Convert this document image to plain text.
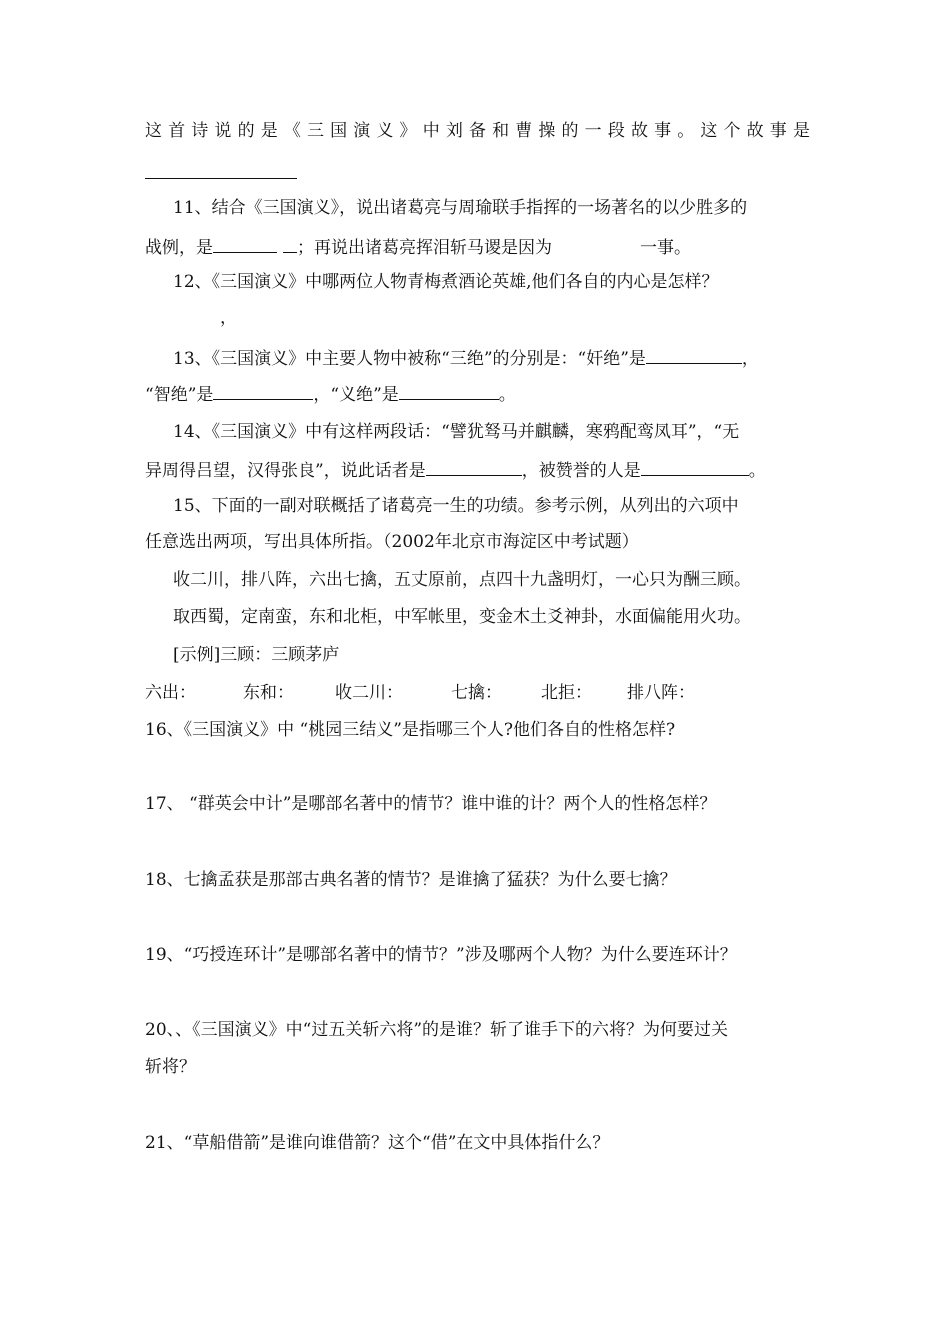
这 首 诗 说 的 是 《 三 国 演 义 》 中 刘 备 和 曹 操 的 一 段 故 事 。 这 个 故 事 是
11、结合《三国演义》，说出诸葛亮与周瑜联手指挥的一场著名的以少胜多的
战例，是	；再说出诸葛亮挥泪斩马谡是因为	一事。
12、《三国演义》中哪两位人物青梅煮酒论英雄,他们各自的内心是怎样？
，
13、《三国演义》中主要人物中被称“三绝”的分别是：“奸绝”是	，
“智绝”是	，“义绝”是	。
14、《三国演义》中有这样两段话：“譬犹驽马并麒麟，寒鸦配鸾凤耳”，“无
异周得吕望，汉得张良”，说此话者是	，被赞誉的人是	。
15、下面的一副对联概括了诸葛亮一生的功绩。参考示例，从列出的六项中
任意选出两项，写出具体所指。（2002年北京市海淀区中考试题）
收二川，排八阵，六出七擒，五丈原前，点四十九盏明灯，一心只为酬三顾。
取西蜀，定南蛮，东和北柜，中军帐里，变金木土爻神卦，水面偏能用火功。
[示例]三顾：三顾茅庐
六出：	东和： 收二川：	七擒： 北拒： 排八阵：
16、《三国演义》中 “桃园三结义”是指哪三个人?他们各自的性格怎样?
17、 “群英会中计”是哪部名著中的情节？谁中谁的计？两个人的性格怎样？
18、七擒孟获是那部古典名著的情节？是谁擒了猛获？为什么要七擒？
19、“巧授连环计”是哪部名著中的情节？”涉及哪两个人物？为什么要连环计？
20、、《三国演义》中“过五关斩六将”的是谁？斩了谁手下的六将？为何要过关
斩将？
21、“草船借箭”是谁向谁借箭？这个“借”在文中具体指什么？
